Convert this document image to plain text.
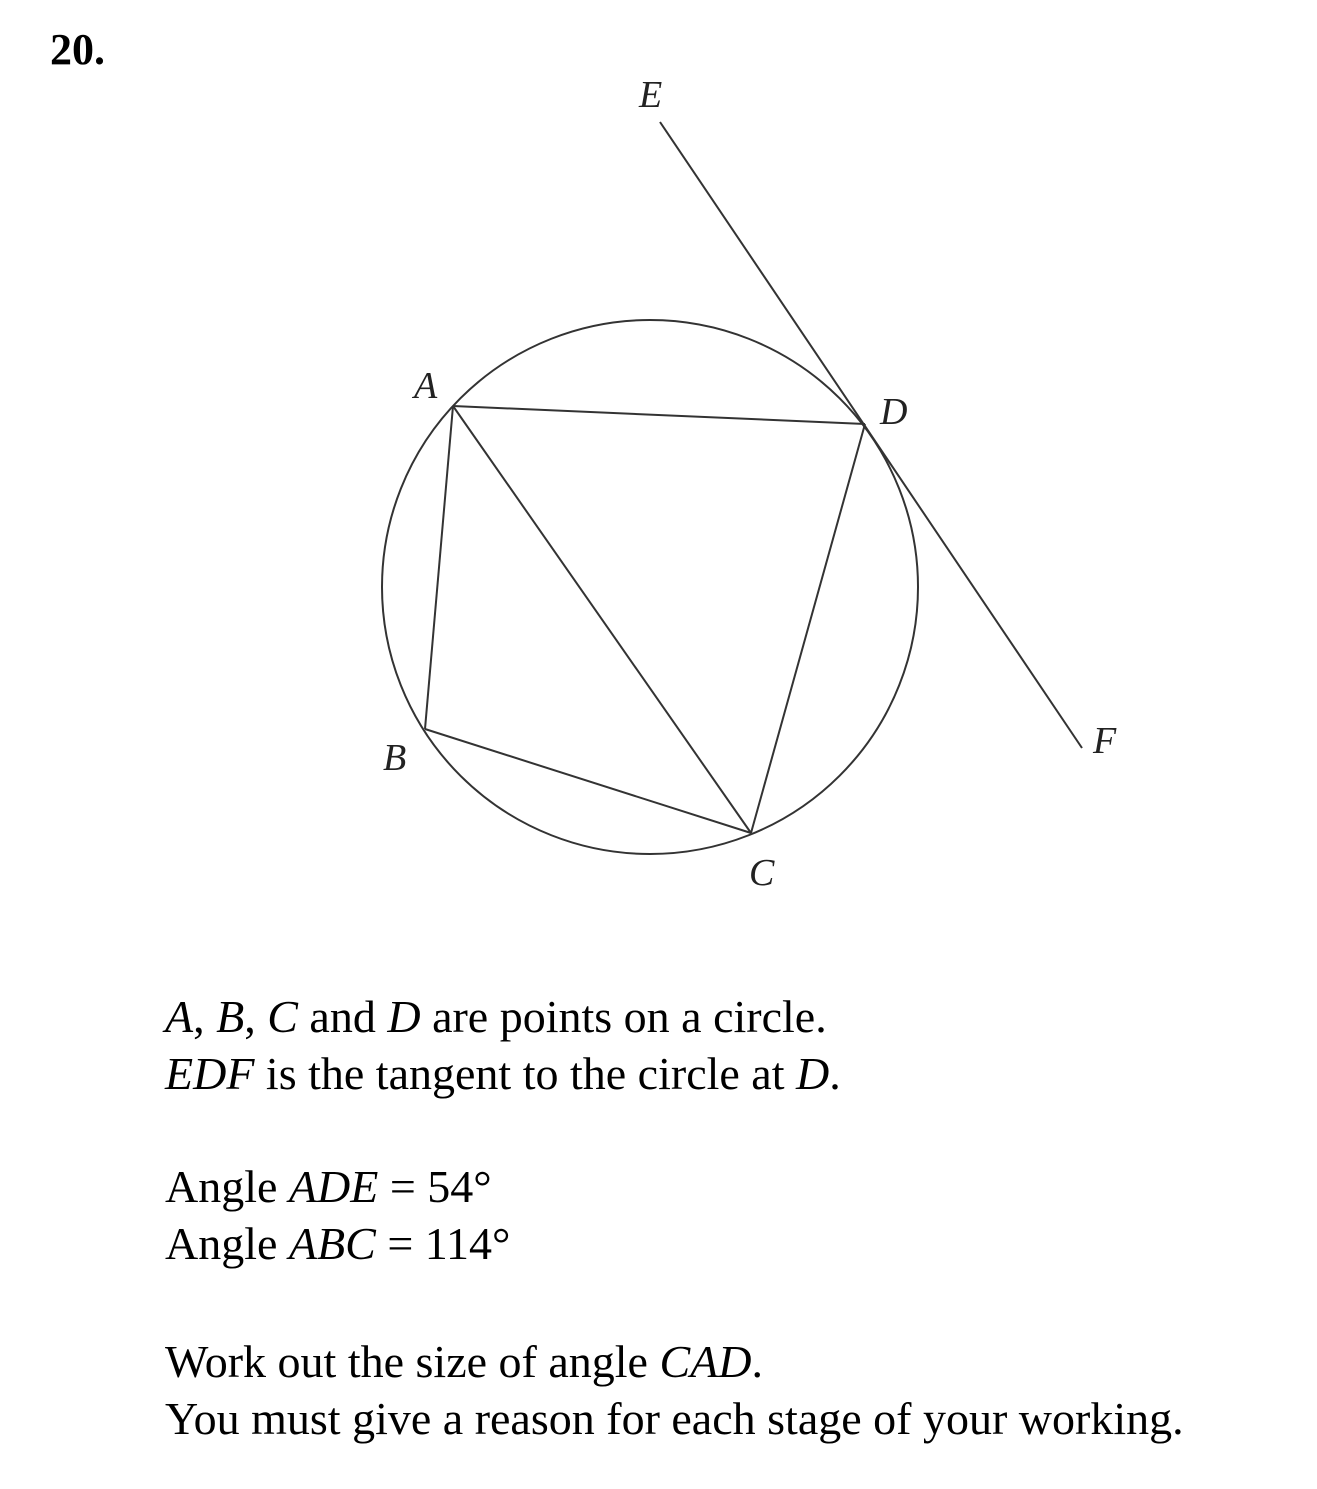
20.
E
A
D
B	F
C
A, B, C and D are points on a circle.
EDF is the tangent to the circle at D.
Angle ADE = 54°
Angle ABC = 114°
Work out the size of angle CAD.
You must give a reason for each stage of your working.
